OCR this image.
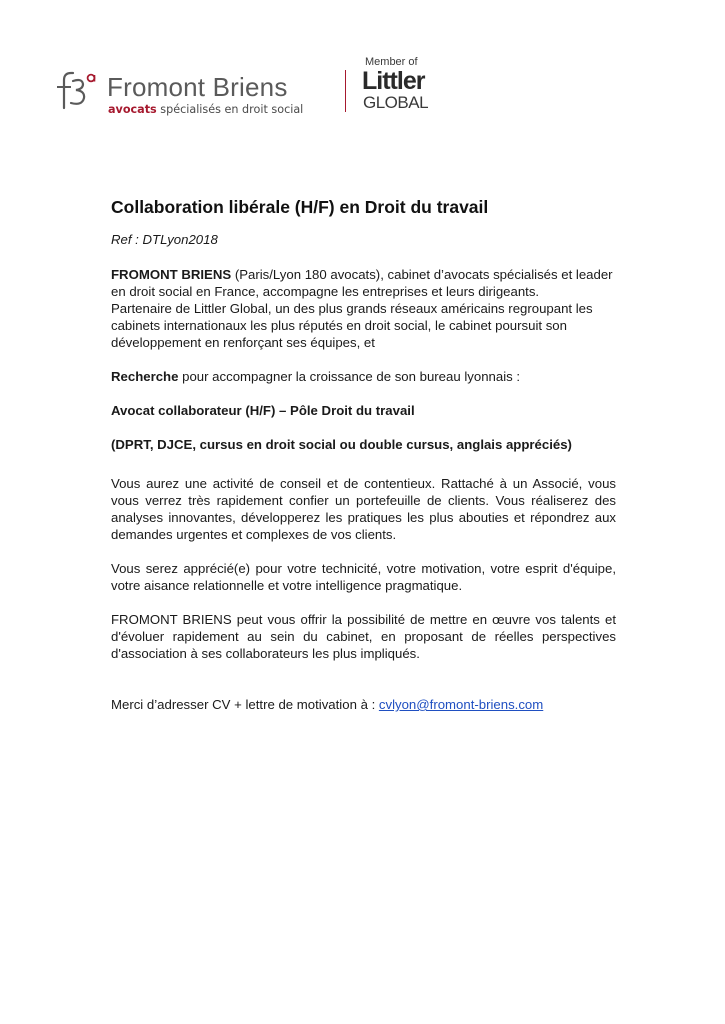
Fromont Briens
avocats spécialisés en droit social
Member of
Littler
GLOBAL
Collaboration libérale (H/F) en Droit du travail

Ref : DTLyon2018

FROMONT BRIENS (Paris/Lyon 180 avocats), cabinet d’avocats spécialisés et leader en droit social en France, accompagne les entreprises et leurs dirigeants.

Partenaire de Littler Global, un des plus grands réseaux américains regroupant les cabinets internationaux les plus réputés en droit social, le cabinet poursuit son développement en renforçant ses équipes, et

Recherche pour accompagner la croissance de son bureau lyonnais :

Avocat collaborateur (H/F) – Pôle Droit du travail

(DPRT, DJCE, cursus en droit social ou double cursus, anglais appréciés)

Vous aurez une activité de conseil et de contentieux. Rattaché à un Associé, vous vous verrez très rapidement confier un portefeuille de clients. Vous réaliserez des analyses innovantes, développerez les pratiques les plus abouties et répondrez aux demandes urgentes et complexes de vos clients.

Vous serez apprécié(e) pour votre technicité, votre motivation, votre esprit d'équipe, votre aisance relationnelle et votre intelligence pragmatique.

FROMONT BRIENS peut vous offrir la possibilité de mettre en œuvre vos talents et d'évoluer rapidement au sein du cabinet, en proposant de réelles perspectives d'association à ses collaborateurs les plus impliqués.

Merci d’adresser CV + lettre de motivation à : cvlyon@fromont-briens.com
